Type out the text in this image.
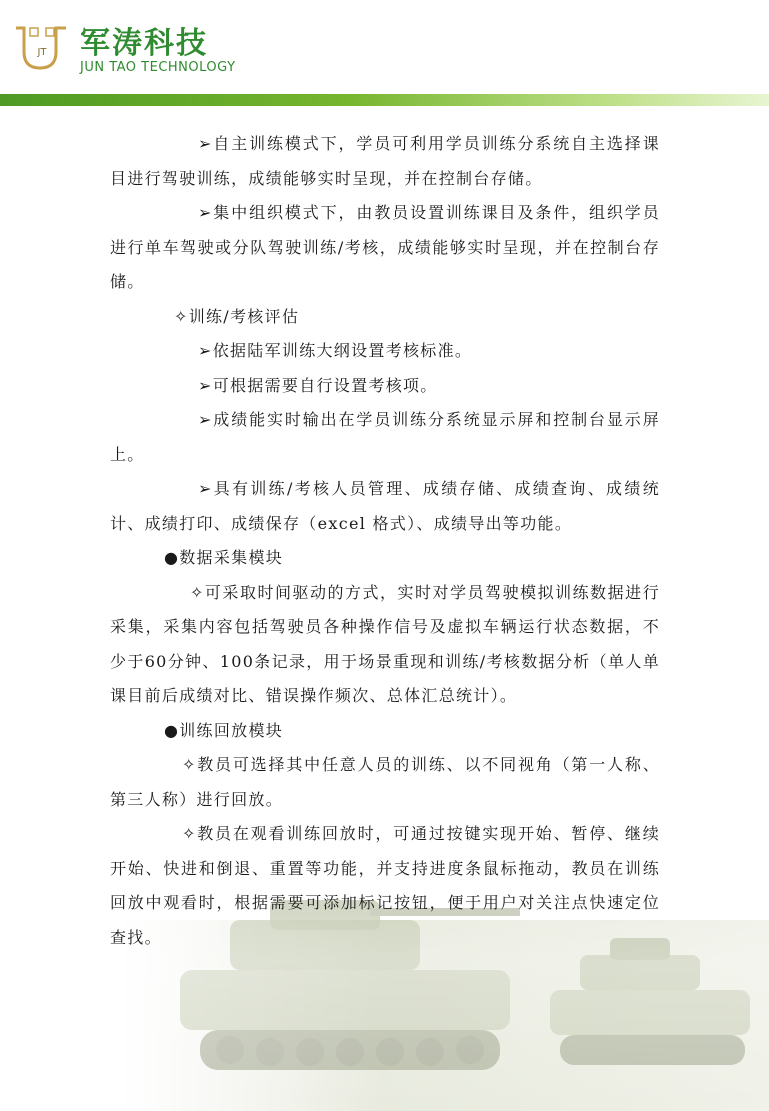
JT 军涛科技
JUN TAO TECHNOLOGY

➢自主训练模式下，学员可利用学员训练分系统自主选择课目进行驾驶训练，成绩能够实时呈现，并在控制台存储。

➢集中组织模式下，由教员设置训练课目及条件，组织学员进行单车驾驶或分队驾驶训练/考核，成绩能够实时呈现，并在控制台存储。

✧训练/考核评估

➢依据陆军训练大纲设置考核标准。

➢可根据需要自行设置考核项。

➢成绩能实时输出在学员训练分系统显示屏和控制台显示屏上。

➢具有训练/考核人员管理、成绩存储、成绩查询、成绩统计、成绩打印、成绩保存（excel 格式）、成绩导出等功能。

●数据采集模块

✧可采取时间驱动的方式，实时对学员驾驶模拟训练数据进行采集，采集内容包括驾驶员各种操作信号及虚拟车辆运行状态数据，不少于60分钟、100条记录，用于场景重现和训练/考核数据分析（单人单课目前后成绩对比、错误操作频次、总体汇总统计）。

●训练回放模块

✧教员可选择其中任意人员的训练、以不同视角（第一人称、第三人称）进行回放。

✧教员在观看训练回放时，可通过按键实现开始、暂停、继续开始、快进和倒退、重置等功能，并支持进度条鼠标拖动，教员在训练回放中观看时，根据需要可添加标记按钮，便于用户对关注点快速定位查找。
